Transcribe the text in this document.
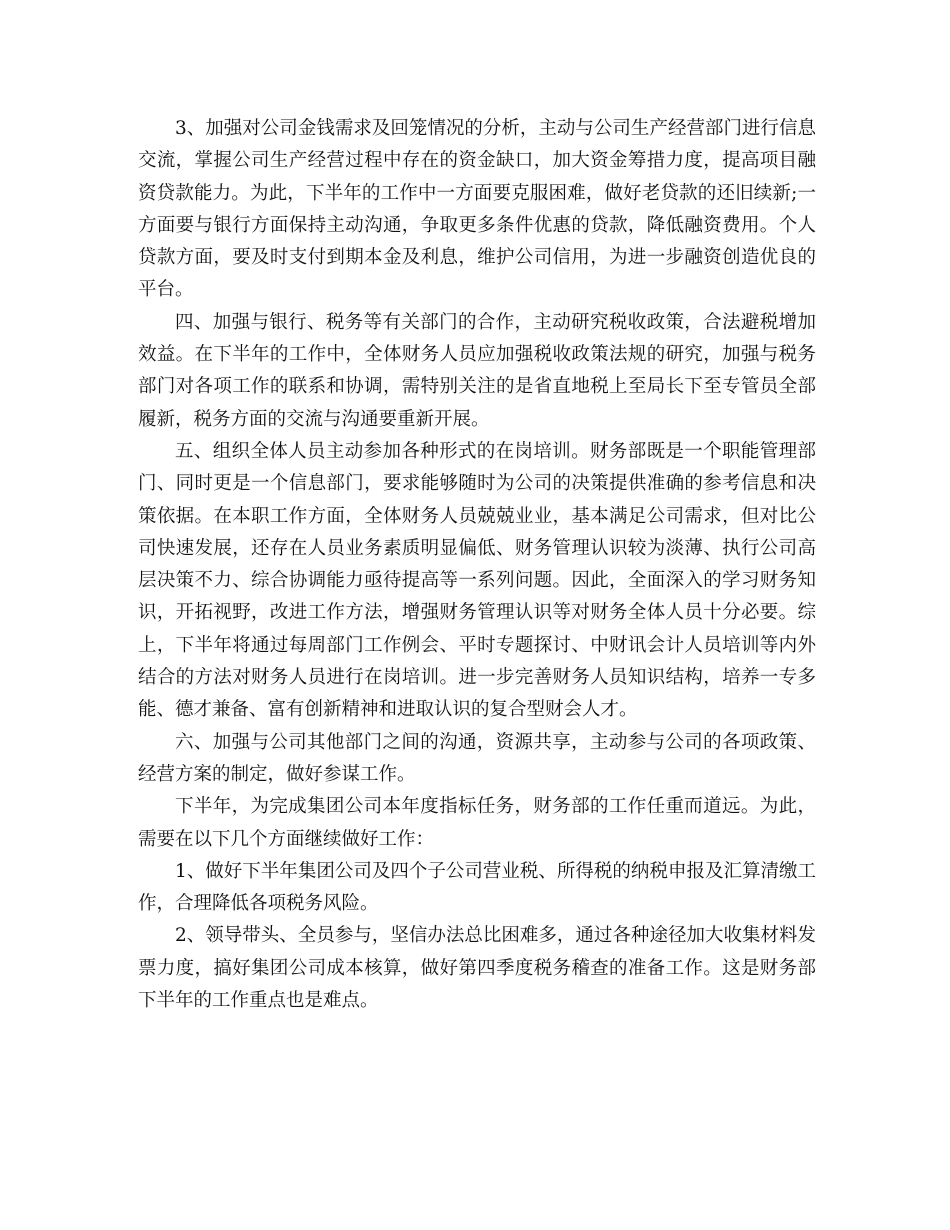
3、加强对公司金钱需求及回笼情况的分析，主动与公司生产经营部门进行信息交流，掌握公司生产经营过程中存在的资金缺口，加大资金筹措力度，提高项目融资贷款能力。为此，下半年的工作中一方面要克服困难，做好老贷款的还旧续新;一方面要与银行方面保持主动沟通，争取更多条件优惠的贷款，降低融资费用。个人贷款方面，要及时支付到期本金及利息，维护公司信用，为进一步融资创造优良的平台。

四、加强与银行、税务等有关部门的合作，主动研究税收政策，合法避税增加效益。在下半年的工作中，全体财务人员应加强税收政策法规的研究，加强与税务部门对各项工作的联系和协调，需特别关注的是省直地税上至局长下至专管员全部履新，税务方面的交流与沟通要重新开展。

五、组织全体人员主动参加各种形式的在岗培训。财务部既是一个职能管理部门、同时更是一个信息部门，要求能够随时为公司的决策提供准确的参考信息和决策依据。在本职工作方面，全体财务人员兢兢业业，基本满足公司需求，但对比公司快速发展，还存在人员业务素质明显偏低、财务管理认识较为淡薄、执行公司高层决策不力、综合协调能力亟待提高等一系列问题。因此，全面深入的学习财务知识，开拓视野，改进工作方法，增强财务管理认识等对财务全体人员十分必要。综上，下半年将通过每周部门工作例会、平时专题探讨、中财讯会计人员培训等内外结合的方法对财务人员进行在岗培训。进一步完善财务人员知识结构，培养一专多能、德才兼备、富有创新精神和进取认识的复合型财会人才。

六、加强与公司其他部门之间的沟通，资源共享，主动参与公司的各项政策、经营方案的制定，做好参谋工作。

下半年，为完成集团公司本年度指标任务，财务部的工作任重而道远。为此，需要在以下几个方面继续做好工作：

1、做好下半年集团公司及四个子公司营业税、所得税的纳税申报及汇算清缴工作，合理降低各项税务风险。

2、领导带头、全员参与，坚信办法总比困难多，通过各种途径加大收集材料发票力度，搞好集团公司成本核算，做好第四季度税务稽查的准备工作。这是财务部下半年的工作重点也是难点。
